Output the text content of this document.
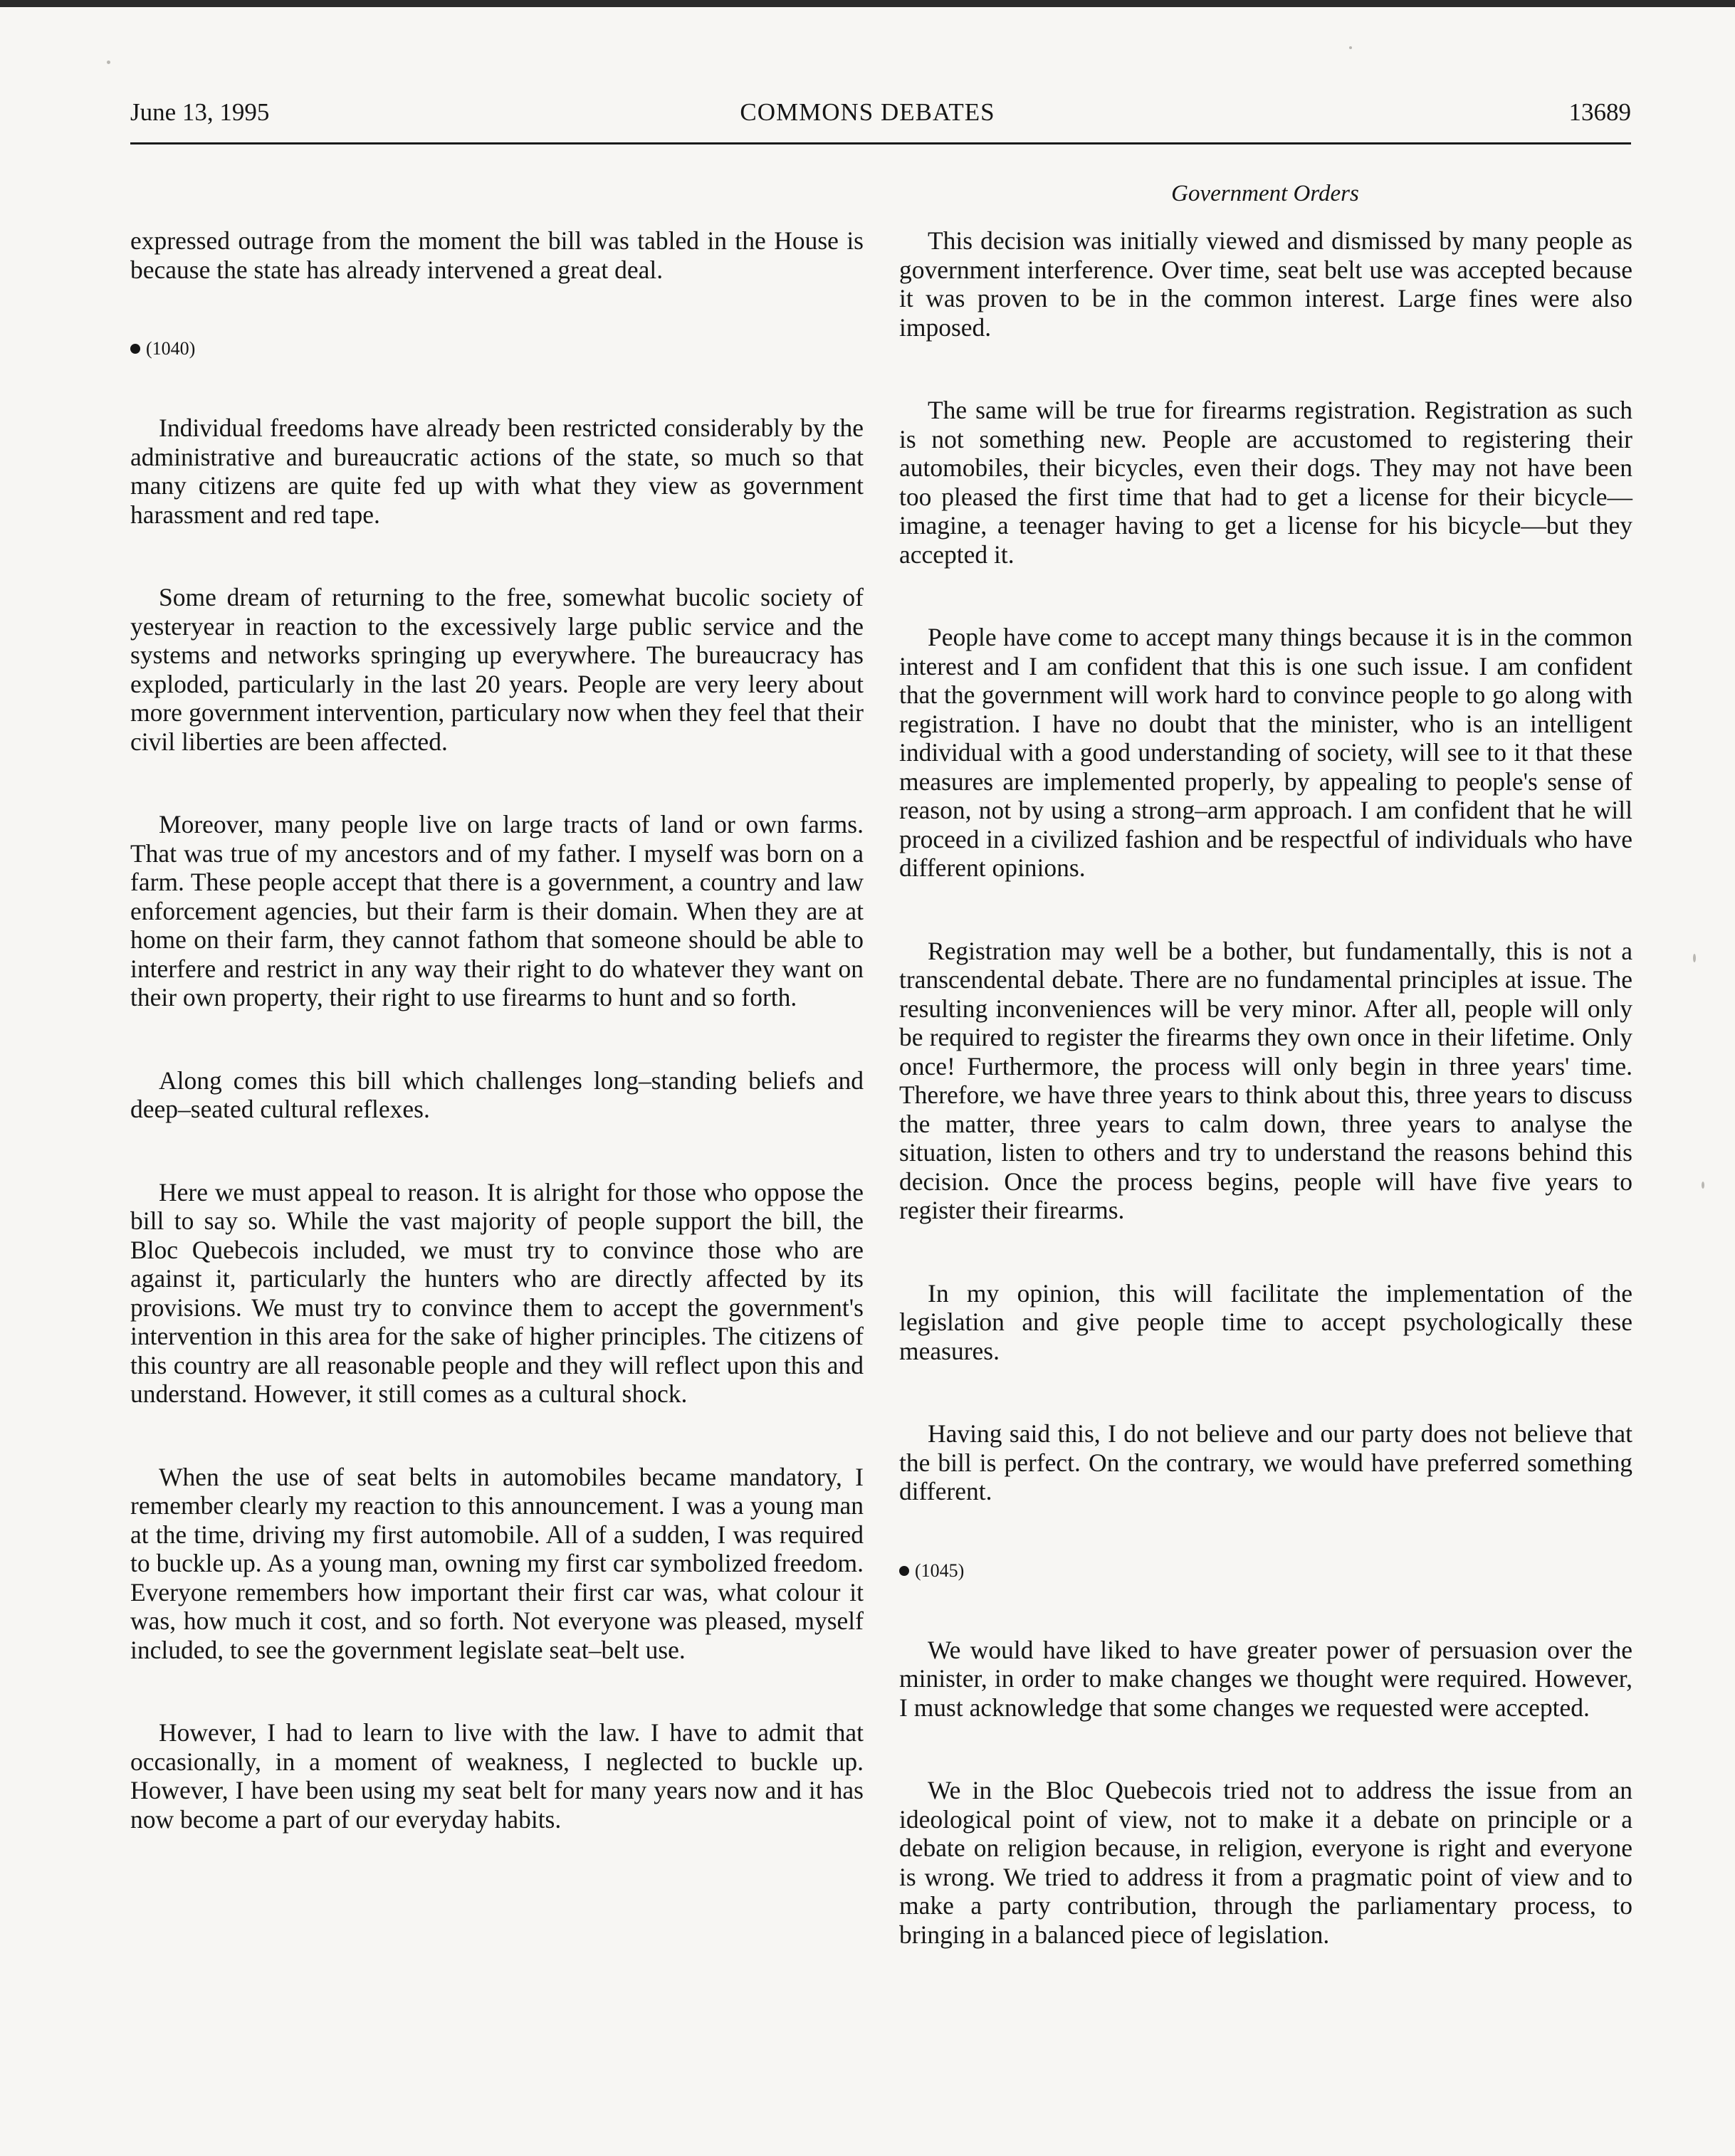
June 13, 1995	COMMONS DEBATES	13689
Government Orders

expressed outrage from the moment the bill was tabled in the House is because the state has already intervened a great deal.

(1040)

Individual freedoms have already been restricted considerably by the administrative and bureaucratic actions of the state, so much so that many citizens are quite fed up with what they view as government harassment and red tape.

Some dream of returning to the free, somewhat bucolic society of yesteryear in reaction to the excessively large public service and the systems and networks springing up everywhere. The bureaucracy has exploded, particularly in the last 20 years. People are very leery about more government intervention, particulary now when they feel that their civil liberties are been affected.

Moreover, many people live on large tracts of land or own farms. That was true of my ancestors and of my father. I myself was born on a farm. These people accept that there is a government, a country and law enforcement agencies, but their farm is their domain. When they are at home on their farm, they cannot fathom that someone should be able to interfere and restrict in any way their right to do whatever they want on their own property, their right to use firearms to hunt and so forth.

Along comes this bill which challenges long–standing beliefs and deep–seated cultural reflexes.

Here we must appeal to reason. It is alright for those who oppose the bill to say so. While the vast majority of people support the bill, the Bloc Quebecois included, we must try to convince those who are against it, particularly the hunters who are directly affected by its provisions. We must try to convince them to accept the government's intervention in this area for the sake of higher principles. The citizens of this country are all reasonable people and they will reflect upon this and understand. However, it still comes as a cultural shock.

When the use of seat belts in automobiles became mandatory, I remember clearly my reaction to this announcement. I was a young man at the time, driving my first automobile. All of a sudden, I was required to buckle up. As a young man, owning my first car symbolized freedom. Everyone remembers how important their first car was, what colour it was, how much it cost, and so forth. Not everyone was pleased, myself included, to see the government legislate seat–belt use.

However, I had to learn to live with the law. I have to admit that occasionally, in a moment of weakness, I neglected to buckle up. However, I have been using my seat belt for many years now and it has now become a part of our everyday habits.

This decision was initially viewed and dismissed by many people as government interference. Over time, seat belt use was accepted because it was proven to be in the common interest. Large fines were also imposed.

The same will be true for firearms registration. Registration as such is not something new. People are accustomed to registering their automobiles, their bicycles, even their dogs. They may not have been too pleased the first time that had to get a license for their bicycle—imagine, a teenager having to get a license for his bicycle—but they accepted it.

People have come to accept many things because it is in the common interest and I am confident that this is one such issue. I am confident that the government will work hard to convince people to go along with registration. I have no doubt that the minister, who is an intelligent individual with a good understanding of society, will see to it that these measures are implemented properly, by appealing to people's sense of reason, not by using a strong–arm approach. I am confident that he will proceed in a civilized fashion and be respectful of individuals who have different opinions.

Registration may well be a bother, but fundamentally, this is not a transcendental debate. There are no fundamental principles at issue. The resulting inconveniences will be very minor. After all, people will only be required to register the firearms they own once in their lifetime. Only once! Furthermore, the process will only begin in three years' time. Therefore, we have three years to think about this, three years to discuss the matter, three years to calm down, three years to analyse the situation, listen to others and try to understand the reasons behind this decision. Once the process begins, people will have five years to register their firearms.

In my opinion, this will facilitate the implementation of the legislation and give people time to accept psychologically these measures.

Having said this, I do not believe and our party does not believe that the bill is perfect. On the contrary, we would have preferred something different.

(1045)

We would have liked to have greater power of persuasion over the minister, in order to make changes we thought were required. However, I must acknowledge that some changes we requested were accepted.

We in the Bloc Quebecois tried not to address the issue from an ideological point of view, not to make it a debate on principle or a debate on religion because, in religion, everyone is right and everyone is wrong. We tried to address it from a pragmatic point of view and to make a party contribution, through the parliamentary process, to bringing in a balanced piece of legislation.
